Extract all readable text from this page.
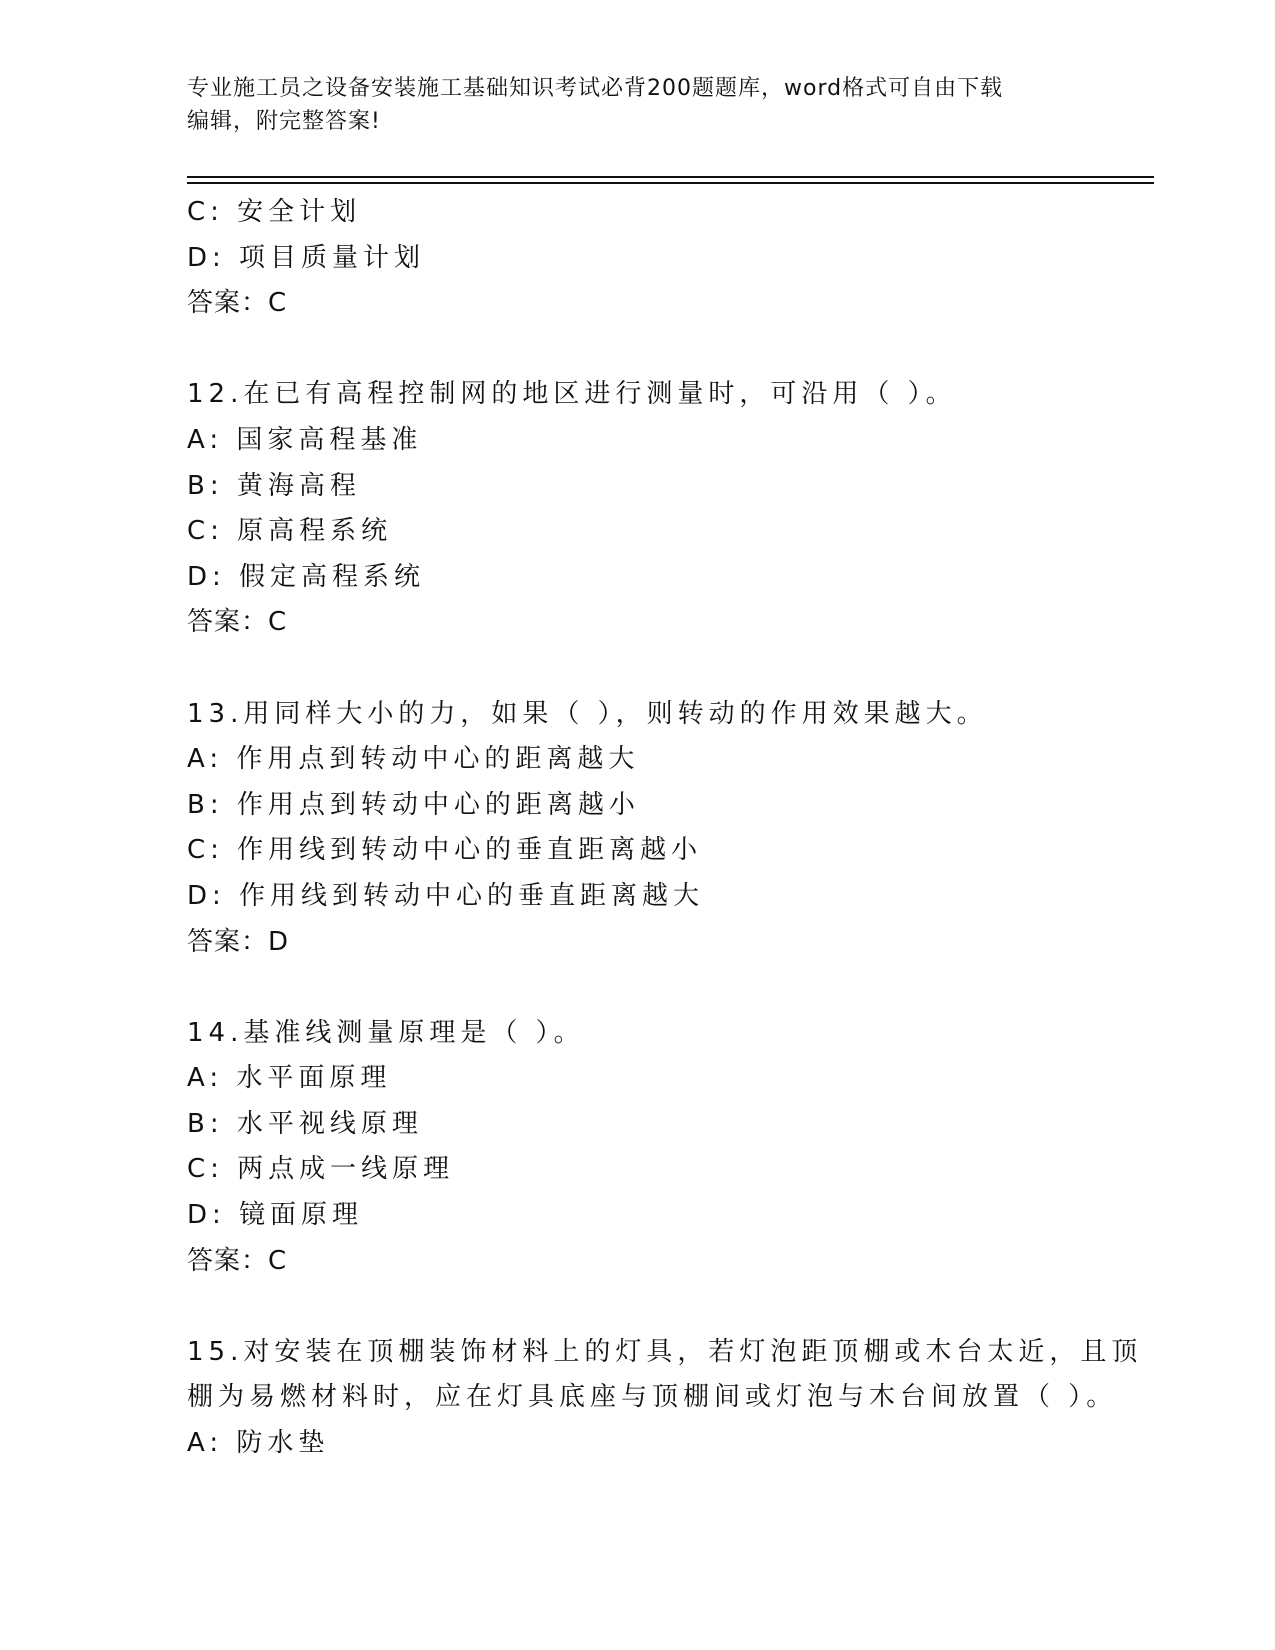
专业施工员之设备安装施工基础知识考试必背200题题库，word格式可自由下载
编辑，附完整答案!
C: 安全计划
D: 项目质量计划
答案：C
12.在已有高程控制网的地区进行测量时，可沿用（ ）。
A: 国家高程基准
B: 黄海高程
C: 原高程系统
D: 假定高程系统
答案：C
13.用同样大小的力，如果（ ），则转动的作用效果越大。
A: 作用点到转动中心的距离越大
B: 作用点到转动中心的距离越小
C: 作用线到转动中心的垂直距离越小
D: 作用线到转动中心的垂直距离越大
答案：D
14.基准线测量原理是（ ）。
A: 水平面原理
B: 水平视线原理
C: 两点成一线原理
D: 镜面原理
答案：C
15.对安装在顶棚装饰材料上的灯具，若灯泡距顶棚或木台太近，且顶
棚为易燃材料时，应在灯具底座与顶棚间或灯泡与木台间放置（ ）。
A: 防水垫
